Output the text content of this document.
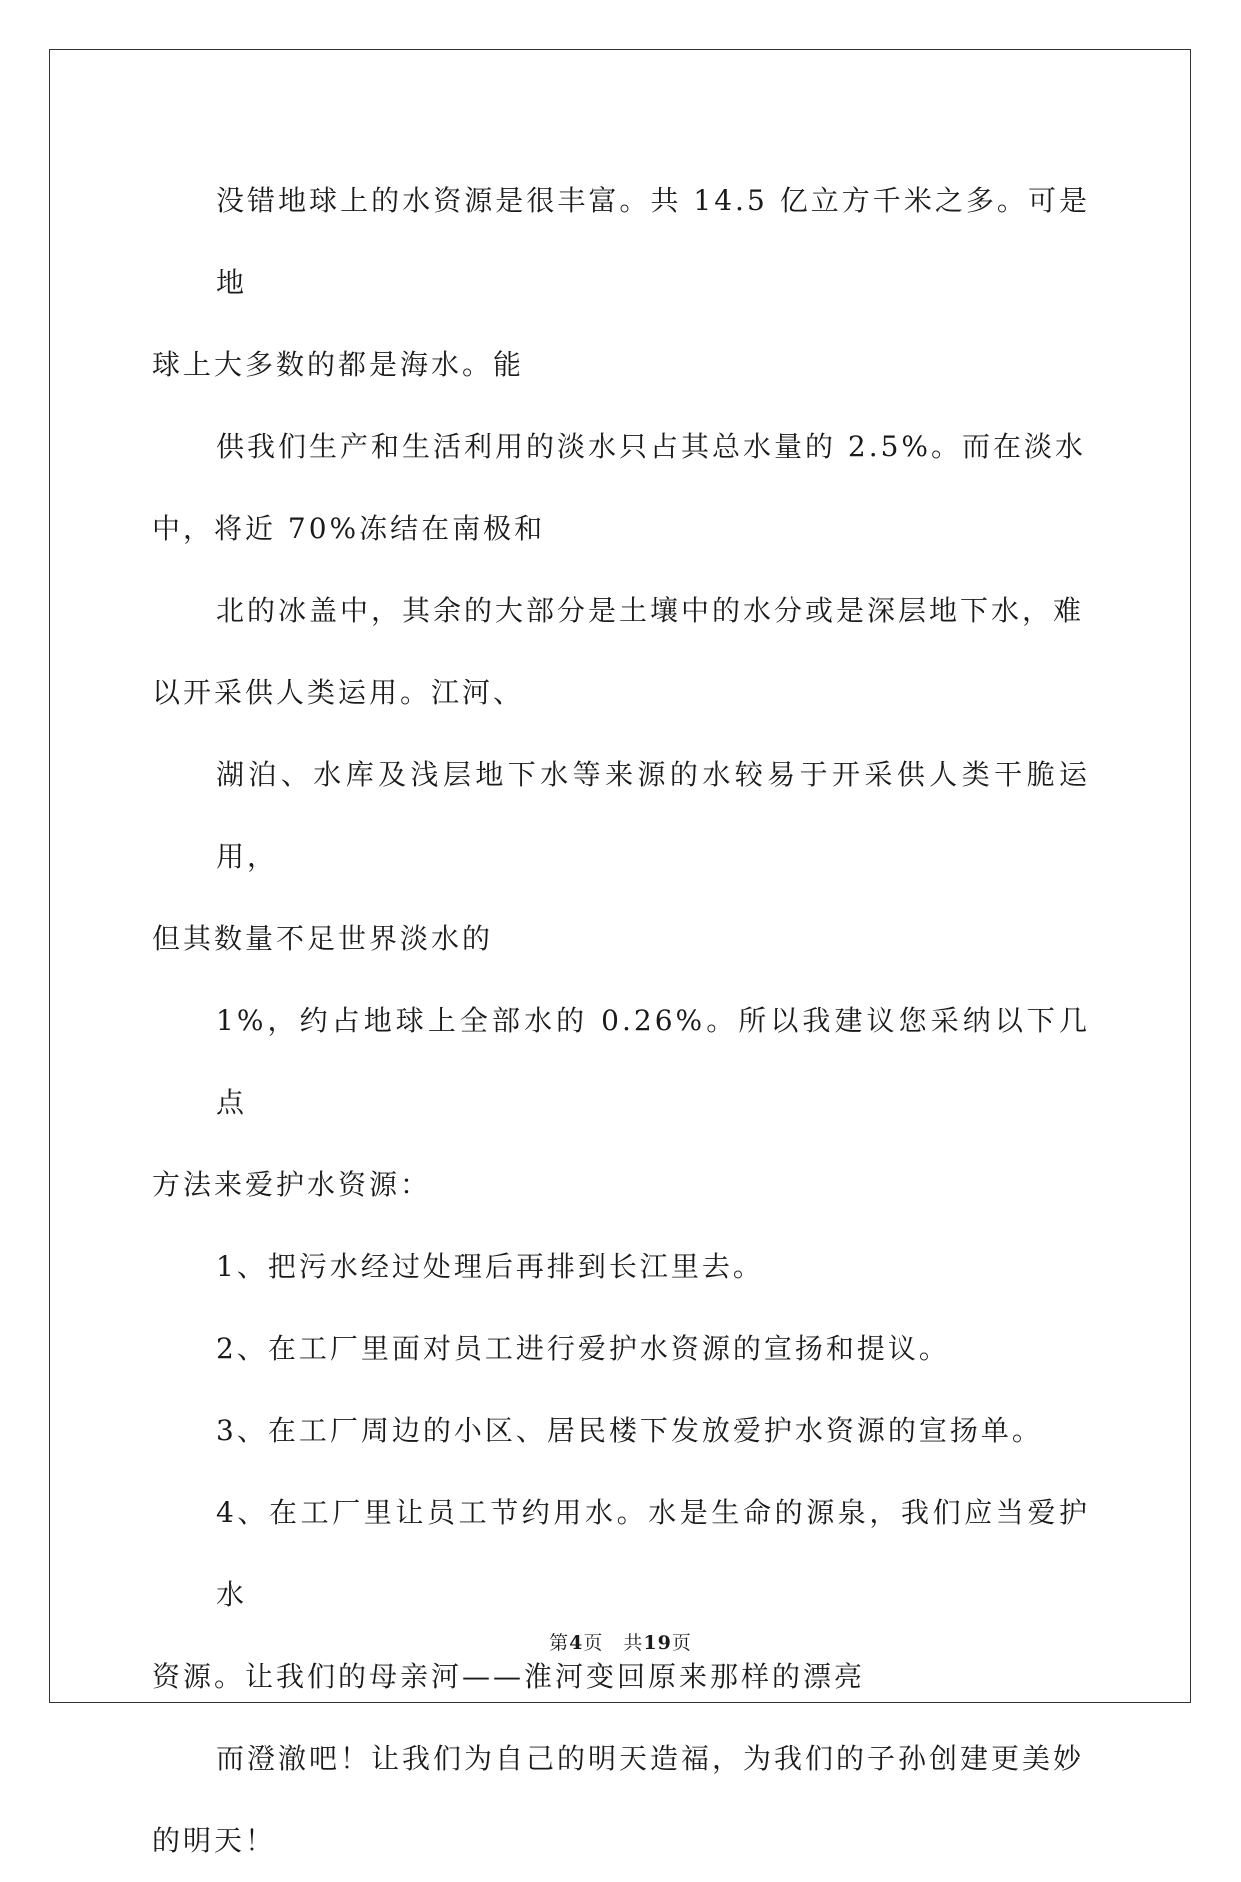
没错地球上的水资源是很丰富。共 14.5 亿立方千米之多。可是地
球上大多数的都是海水。能
供我们生产和生活利用的淡水只占其总水量的 2.5%。而在淡水
中，将近 70%冻结在南极和
北的冰盖中，其余的大部分是土壤中的水分或是深层地下水，难
以开采供人类运用。江河、
湖泊、水库及浅层地下水等来源的水较易于开采供人类干脆运用，
但其数量不足世界淡水的
1%，约占地球上全部水的 0.26%。所以我建议您采纳以下几点
方法来爱护水资源：
1、把污水经过处理后再排到长江里去。
2、在工厂里面对员工进行爱护水资源的宣扬和提议。
3、在工厂周边的小区、居民楼下发放爱护水资源的宣扬单。
4、在工厂里让员工节约用水。水是生命的源泉，我们应当爱护水
资源。让我们的母亲河——淮河变回原来那样的漂亮
而澄澈吧！让我们为自己的明天造福，为我们的子孙创建更美妙
的明天！
第4页 共19页
